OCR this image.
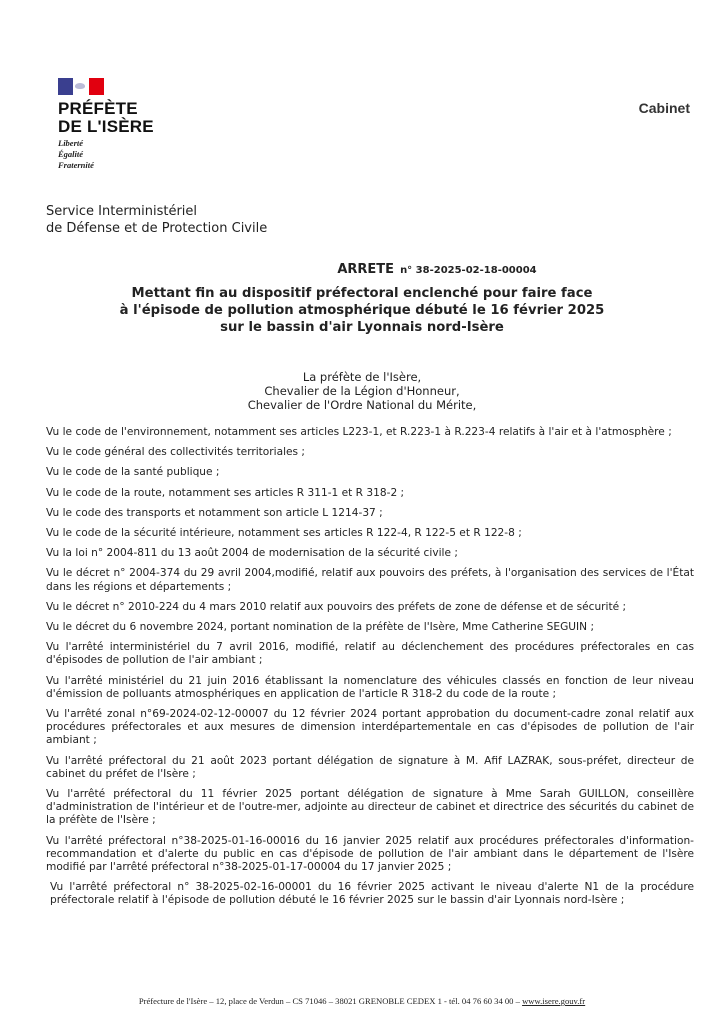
PRÉFÈTE
DE L'ISÈRE
Liberté
Égalité
Fraternité
Cabinet
Service Interministériel
de Défense et de Protection Civile
ARRETE n° 38-2025-02-18-00004
Mettant fin au dispositif préfectoral enclenché pour faire face
à l'épisode de pollution atmosphérique débuté le 16 février 2025
sur le bassin d'air Lyonnais nord-Isère
La préfète de l'Isère,
Chevalier de la Légion d'Honneur,
Chevalier de l'Ordre National du Mérite,

Vu le code de l'environnement, notamment ses articles L223-1, et R.223-1 à R.223-4 relatifs à l'air et à l'atmosphère ;

Vu le code général des collectivités territoriales ;

Vu le code de la santé publique ;

Vu le code de la route, notamment ses articles R 311-1 et R 318-2 ;

Vu le code des transports et notamment son article L 1214-37 ;

Vu le code de la sécurité intérieure, notamment ses articles R 122-4, R 122-5 et R 122-8 ;

Vu la loi n° 2004-811 du 13 août 2004 de modernisation de la sécurité civile ;

Vu le décret n° 2004-374 du 29 avril 2004,modifié, relatif aux pouvoirs des préfets, à l'organisation des services de l'État dans les régions et départements ;

Vu le décret n° 2010-224 du 4 mars 2010 relatif aux pouvoirs des préfets de zone de défense et de sécurité ;

Vu le décret du 6 novembre 2024, portant nomination de la préfète de l'Isère, Mme Catherine SEGUIN ;

Vu l'arrêté interministériel du 7 avril 2016, modifié, relatif au déclenchement des procédures préfectorales en cas d'épisodes de pollution de l'air ambiant ;

Vu l'arrêté ministériel du 21 juin 2016 établissant la nomenclature des véhicules classés en fonction de leur niveau d'émission de polluants atmosphériques en application de l'article R 318-2 du code de la route ;

Vu l'arrêté zonal n°69-2024-02-12-00007 du 12 février 2024 portant approbation du document-cadre zonal relatif aux procédures préfectorales et aux mesures de dimension interdépartementale en cas d'épisodes de pollution de l'air ambiant ;

Vu l'arrêté préfectoral du 21 août 2023 portant délégation de signature à M. Afif LAZRAK, sous-préfet, directeur de cabinet du préfet de l'Isère ;

Vu l'arrêté préfectoral du 11 février 2025 portant délégation de signature à Mme Sarah GUILLON, conseillère d'administration de l'intérieur et de l'outre-mer, adjointe au directeur de cabinet et directrice des sécurités du cabinet de la préfète de l'Isère ;

Vu l'arrêté préfectoral n°38-2025-01-16-00016 du 16 janvier 2025 relatif aux procédures préfectorales d'information-recommandation et d'alerte du public en cas d'épisode de pollution de l'air ambiant dans le département de l'Isère modifié par l'arrêté préfectoral n°38-2025-01-17-00004 du 17 janvier 2025 ;

Vu l'arrêté préfectoral n° 38-2025-02-16-00001 du 16 février 2025 activant le niveau d'alerte N1 de la procédure préfectorale relatif à l'épisode de pollution débuté le 16 février 2025 sur le bassin d'air Lyonnais nord-Isère ;

Préfecture de l'Isère – 12, place de Verdun – CS 71046 – 38021 GRENOBLE CEDEX 1 - tél. 04 76 60 34 00 – www.isere.gouv.fr
